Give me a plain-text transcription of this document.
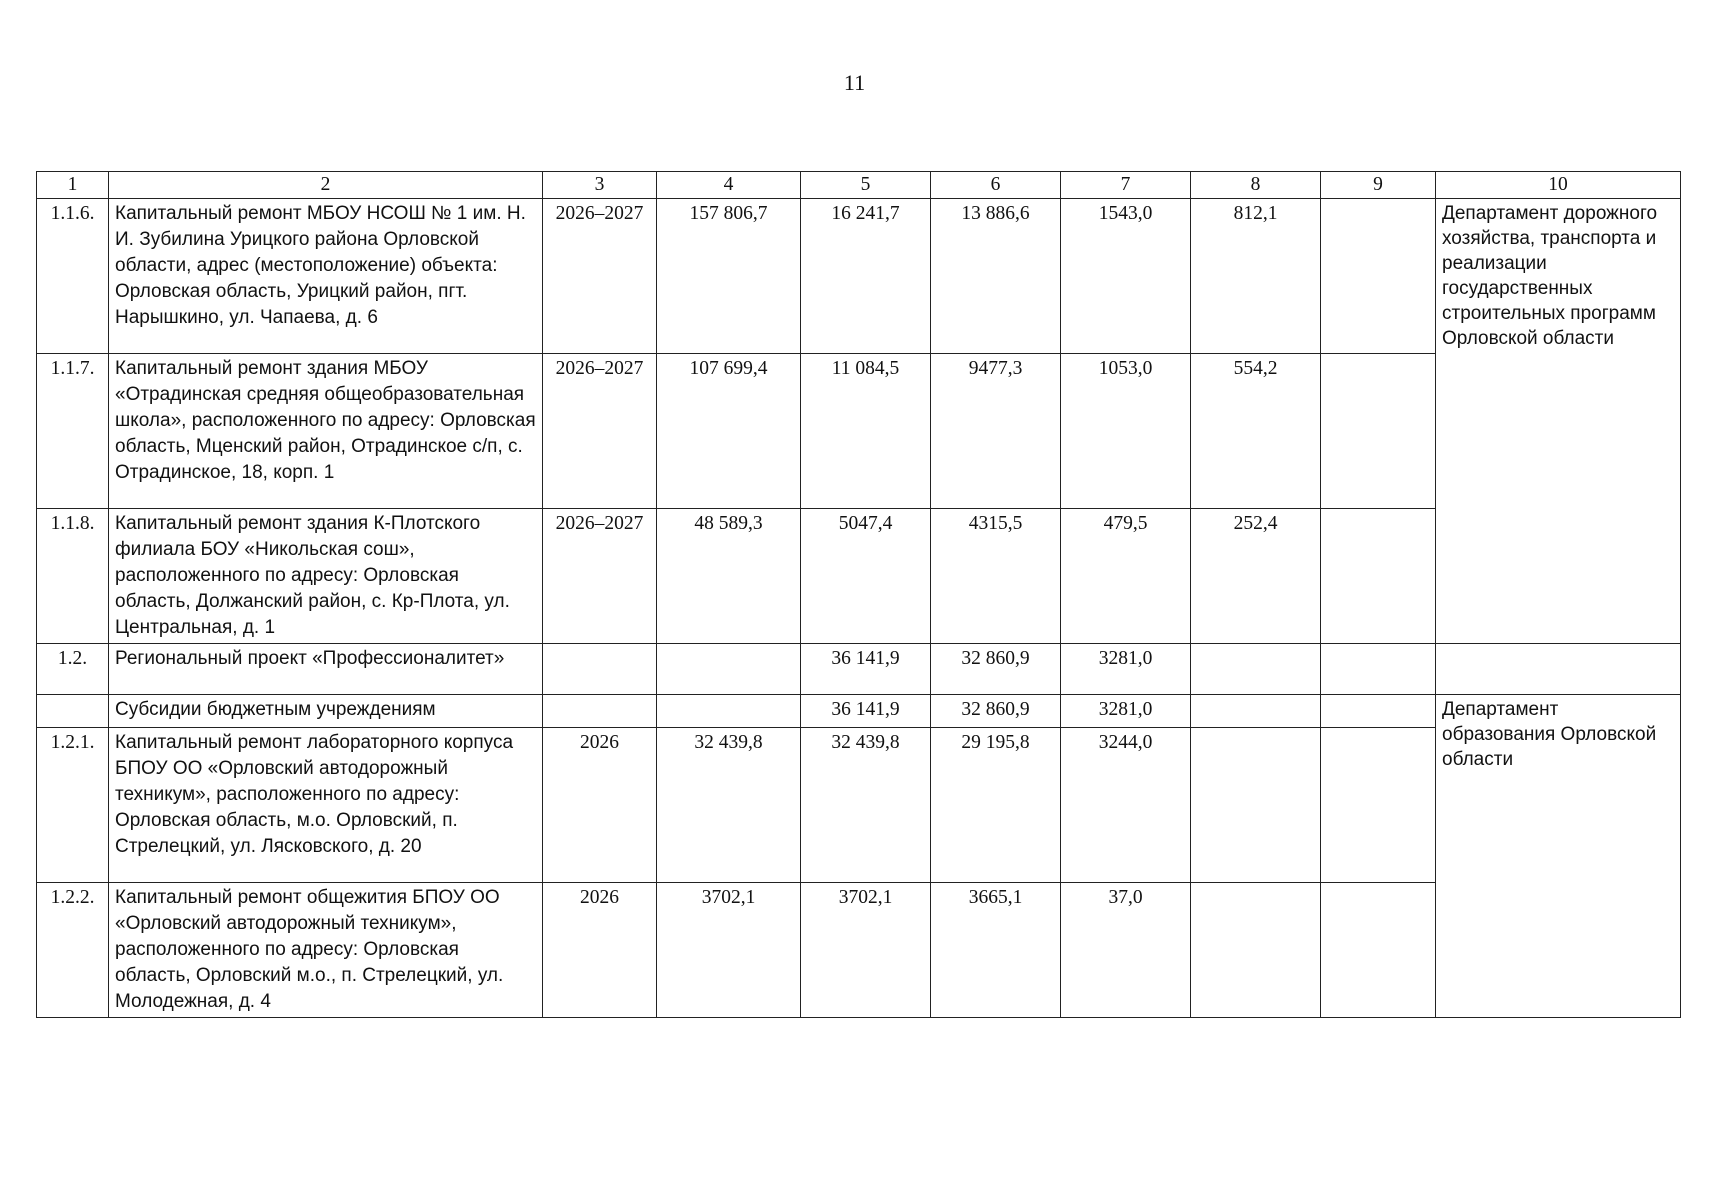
11
1	2	3	4	5	6	7	8	9	10
1.1.6.	Капитальный ремонт МБОУ НСОШ № 1 им. Н. И. Зубилина Урицкого района Орловской области, адрес (местоположение) объекта: Орловская область, Урицкий район, пгт. Нарышкино, ул. Чапаева, д. 6	2026–2027	157 806,7	16 241,7	13 886,6	1543,0	812,1		Департамент дорожного хозяйства, транспорта и реализации государственных строительных программ Орловской области
1.1.7.	Капитальный ремонт здания МБОУ «Отрадинская средняя общеобразовательная школа», расположенного по адресу: Орловская область, Мценский район, Отрадинское с/п, с. Отрадинское, 18, корп. 1	2026–2027	107 699,4	11 084,5	9477,3	1053,0	554,2		
1.1.8.	Капитальный ремонт здания К-Плотского филиала БОУ «Никольская сош», расположенного по адресу: Орловская область, Должанский район, с. Кр-Плота, ул. Центральная, д. 1	2026–2027	48 589,3	5047,4	4315,5	479,5	252,4		
1.2.	Региональный проект «Профессионалитет»			36 141,9	32 860,9	3281,0			
	Субсидии бюджетным учреждениям			36 141,9	32 860,9	3281,0			Департамент образования Орловской области
1.2.1.	Капитальный ремонт лабораторного корпуса БПОУ ОО «Орловский автодорожный техникум», расположенного по адресу: Орловская область, м.о. Орловский, п. Стрелецкий, ул. Лясковского, д. 20	2026	32 439,8	32 439,8	29 195,8	3244,0			
1.2.2.	Капитальный ремонт общежития БПОУ ОО «Орловский автодорожный техникум», расположенного по адресу: Орловская область, Орловский м.о., п. Стрелецкий, ул. Молодежная, д. 4	2026	3702,1	3702,1	3665,1	37,0			
